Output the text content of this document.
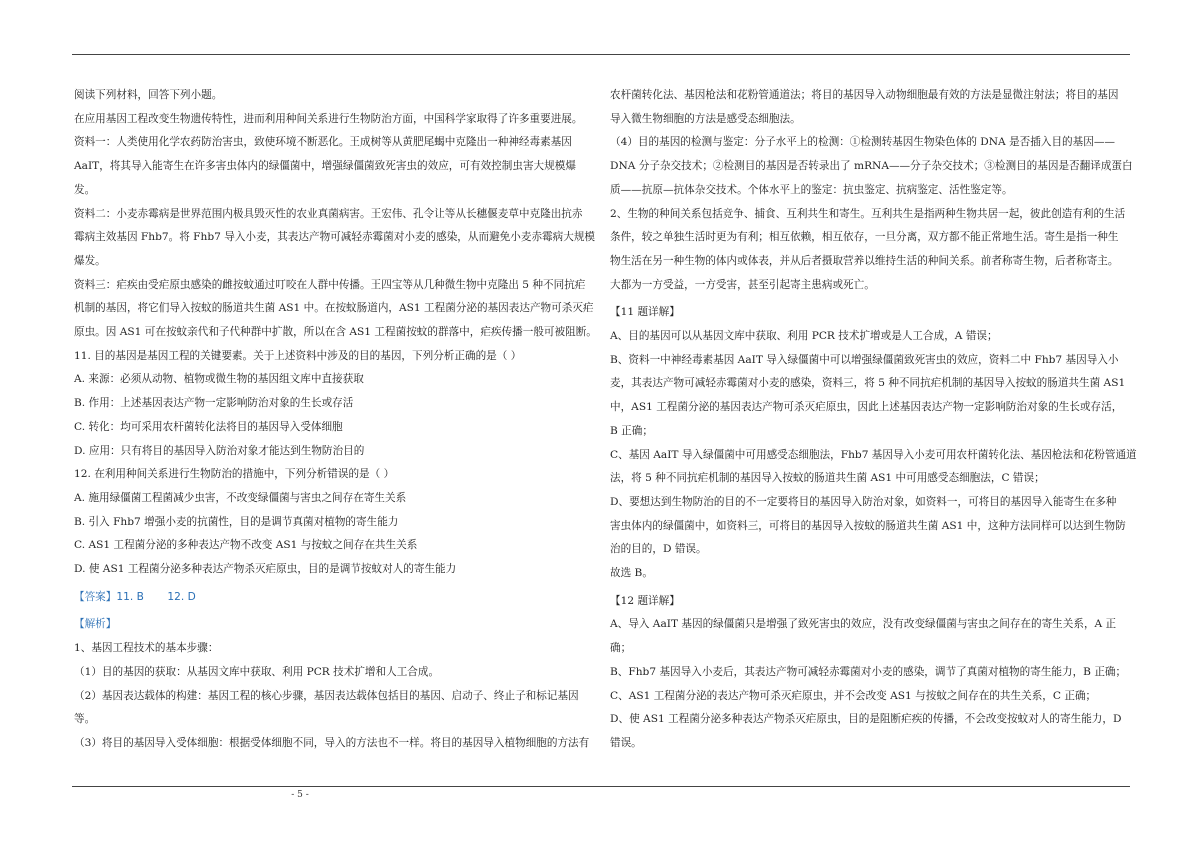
阅读下列材料，回答下列小题。
在应用基因工程改变生物遗传特性，进而利用种间关系进行生物防治方面，中国科学家取得了许多重要进展。
资料一：人类使用化学农药防治害虫，致使环境不断恶化。王成树等从黄肥尾蝎中克隆出一种神经毒素基因
AaIT，将其导入能寄生在许多害虫体内的绿僵菌中，增强绿僵菌致死害虫的效应，可有效控制虫害大规模爆
发。
资料二：小麦赤霉病是世界范围内极具毁灭性的农业真菌病害。王宏伟、孔令让等从长穗偃麦草中克隆出抗赤
霉病主效基因 Fhb7。将 Fhb7 导入小麦，其表达产物可减轻赤霉菌对小麦的感染，从而避免小麦赤霉病大规模
爆发。
资料三：疟疾由受疟原虫感染的雌按蚊通过叮咬在人群中传播。王四宝等从几种微生物中克隆出 5 种不同抗疟
机制的基因，将它们导入按蚊的肠道共生菌 AS1 中。在按蚊肠道内，AS1 工程菌分泌的基因表达产物可杀灭疟
原虫。因 AS1 可在按蚊亲代和子代种群中扩散，所以在含 AS1 工程菌按蚊的群落中，疟疾传播一般可被阻断。
11. 目的基因是基因工程的关键要素。关于上述资料中涉及的目的基因，下列分析正确的是（ ）
A. 来源：必须从动物、植物或微生物的基因组文库中直接获取
B. 作用：上述基因表达产物一定影响防治对象的生长或存活
C. 转化：均可采用农杆菌转化法将目的基因导入受体细胞
D. 应用：只有将目的基因导入防治对象才能达到生物防治目的
12. 在利用种间关系进行生物防治的措施中，下列分析错误的是（ ）
A. 施用绿僵菌工程菌减少虫害，不改变绿僵菌与害虫之间存在寄生关系
B. 引入 Fhb7 增强小麦的抗菌性，目的是调节真菌对植物的寄生能力
C. AS1 工程菌分泌的多种表达产物不改变 AS1 与按蚊之间存在共生关系
D. 使 AS1 工程菌分泌多种表达产物杀灭疟原虫，目的是调节按蚊对人的寄生能力
【答案】11. B       12. D
【解析】
1、基因工程技术的基本步骤：
（1）目的基因的获取：从基因文库中获取、利用 PCR 技术扩增和人工合成。
（2）基因表达载体的构建：基因工程的核心步骤，基因表达载体包括目的基因、启动子、终止子和标记基因
等。
（3）将目的基因导入受体细胞：根据受体细胞不同，导入的方法也不一样。将目的基因导入植物细胞的方法有
农杆菌转化法、基因枪法和花粉管通道法；将目的基因导入动物细胞最有效的方法是显微注射法；将目的基因
导入微生物细胞的方法是感受态细胞法。
（4）目的基因的检测与鉴定：分子水平上的检测：①检测转基因生物染色体的 DNA 是否插入目的基因——
DNA 分子杂交技术；②检测目的基因是否转录出了 mRNA——分子杂交技术；③检测目的基因是否翻译成蛋白
质——抗原—抗体杂交技术。个体水平上的鉴定：抗虫鉴定、抗病鉴定、活性鉴定等。
2、生物的种间关系包括竞争、捕食、互利共生和寄生。互利共生是指两种生物共居一起，彼此创造有利的生活
条件，较之单独生活时更为有利；相互依赖，相互依存，一旦分离，双方都不能正常地生活。寄生是指一种生
物生活在另一种生物的体内或体表，并从后者摄取营养以维持生活的种间关系。前者称寄生物，后者称寄主。
大都为一方受益，一方受害，甚至引起寄主患病或死亡。
【11 题详解】
A、目的基因可以从基因文库中获取、利用 PCR 技术扩增或是人工合成，A 错误；
B、资料一中神经毒素基因 AaIT 导入绿僵菌中可以增强绿僵菌致死害虫的效应，资料二中 Fhb7 基因导入小
麦，其表达产物可减轻赤霉菌对小麦的感染，资料三，将 5 种不同抗疟机制的基因导入按蚊的肠道共生菌 AS1
中，AS1 工程菌分泌的基因表达产物可杀灭疟原虫，因此上述基因表达产物一定影响防治对象的生长或存活，
B 正确；
C、基因 AaIT 导入绿僵菌中可用感受态细胞法，Fhb7 基因导入小麦可用农杆菌转化法、基因枪法和花粉管通道
法，将 5 种不同抗疟机制的基因导入按蚊的肠道共生菌 AS1 中可用感受态细胞法，C 错误；
D、要想达到生物防治的目的不一定要将目的基因导入防治对象，如资料一，可将目的基因导入能寄生在多种
害虫体内的绿僵菌中，如资料三，可将目的基因导入按蚊的肠道共生菌 AS1 中，这种方法同样可以达到生物防
治的目的，D 错误。
故选 B。
【12 题详解】
A、导入 AaIT 基因的绿僵菌只是增强了致死害虫的效应，没有改变绿僵菌与害虫之间存在的寄生关系，A 正
确；
B、Fhb7 基因导入小麦后，其表达产物可减轻赤霉菌对小麦的感染，调节了真菌对植物的寄生能力，B 正确；
C、AS1 工程菌分泌的表达产物可杀灭疟原虫，并不会改变 AS1 与按蚊之间存在的共生关系，C 正确；
D、使 AS1 工程菌分泌多种表达产物杀灭疟原虫，目的是阻断疟疾的传播，不会改变按蚊对人的寄生能力，D
错误。
- 5 -
